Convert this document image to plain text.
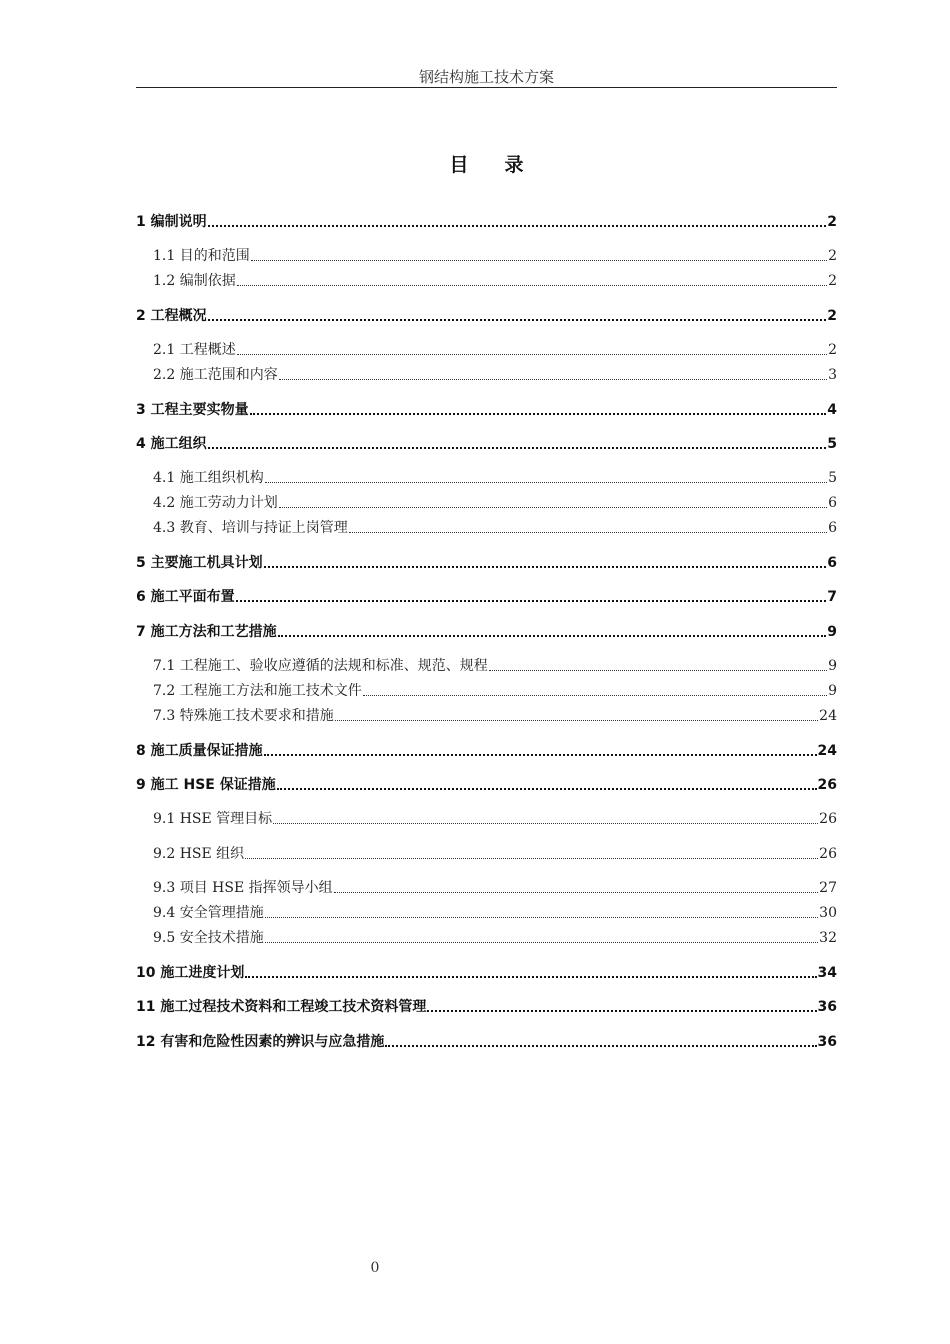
钢结构施工技术方案
目录
1 编制说明	2
1.1 目的和范围	2
1.2 编制依据	2
2 工程概况	2
2.1 工程概述	2
2.2 施工范围和内容	3
3 工程主要实物量	4
4 施工组织	5
4.1 施工组织机构	5
4.2 施工劳动力计划	6
4.3 教育、培训与持证上岗管理	6
5 主要施工机具计划	6
6 施工平面布置	7
7 施工方法和工艺措施	9
7.1 工程施工、验收应遵循的法规和标准、规范、规程	9
7.2 工程施工方法和施工技术文件	9
7.3 特殊施工技术要求和措施	24
8 施工质量保证措施	24
9 施工 HSE 保证措施	26
9.1 HSE 管理目标	26
9.2 HSE 组织	26
9.3 项目 HSE 指挥领导小组	27
9.4 安全管理措施	30
9.5 安全技术措施	32
10 施工进度计划	34
11 施工过程技术资料和工程竣工技术资料管理	36
12 有害和危险性因素的辨识与应急措施	36
0
